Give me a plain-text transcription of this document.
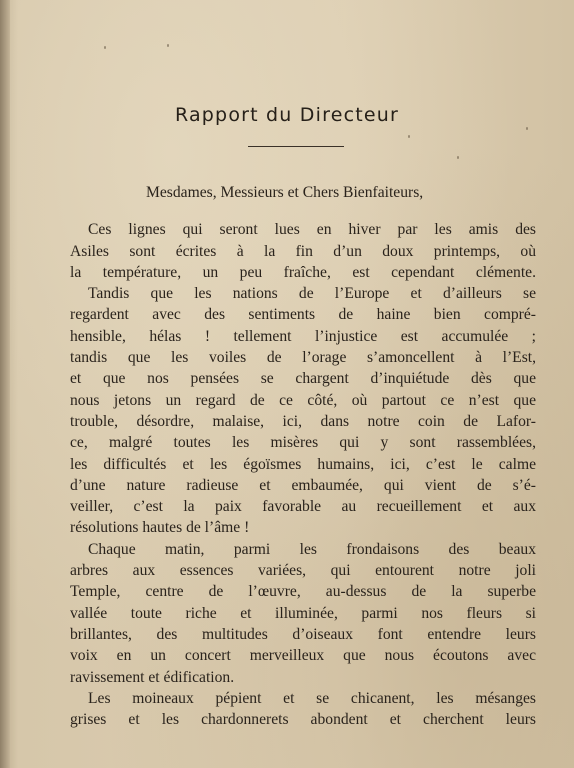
Rapport du Directeur
Mesdames, Messieurs et Chers Bienfaiteurs,
Ces lignes qui seront lues en hiver par les amis des
Asiles sont écrites à la fin d’un doux printemps, où
la température, un peu fraîche, est cependant clémente.
Tandis que les nations de l’Europe et d’ailleurs se
regardent avec des sentiments de haine bien compré-
hensible, hélas ! tellement l’injustice est accumulée ;
tandis que les voiles de l’orage s’amoncellent à l’Est,
et que nos pensées se chargent d’inquiétude dès que
nous jetons un regard de ce côté, où partout ce n’est que
trouble, désordre, malaise, ici, dans notre coin de Lafor-
ce, malgré toutes les misères qui y sont rassemblées,
les difficultés et les égoïsmes humains, ici, c’est le calme
d’une nature radieuse et embaumée, qui vient de s’é-
veiller, c’est la paix favorable au recueillement et aux
résolutions hautes de l’âme !
Chaque matin, parmi les frondaisons des beaux
arbres aux essences variées, qui entourent notre joli
Temple, centre de l’œuvre, au-dessus de la superbe
vallée toute riche et illuminée, parmi nos fleurs si
brillantes, des multitudes d’oiseaux font entendre leurs
voix en un concert merveilleux que nous écoutons avec
ravissement et édification.
Les moineaux pépient et se chicanent, les mésanges
grises et les chardonnerets abondent et cherchent leurs
